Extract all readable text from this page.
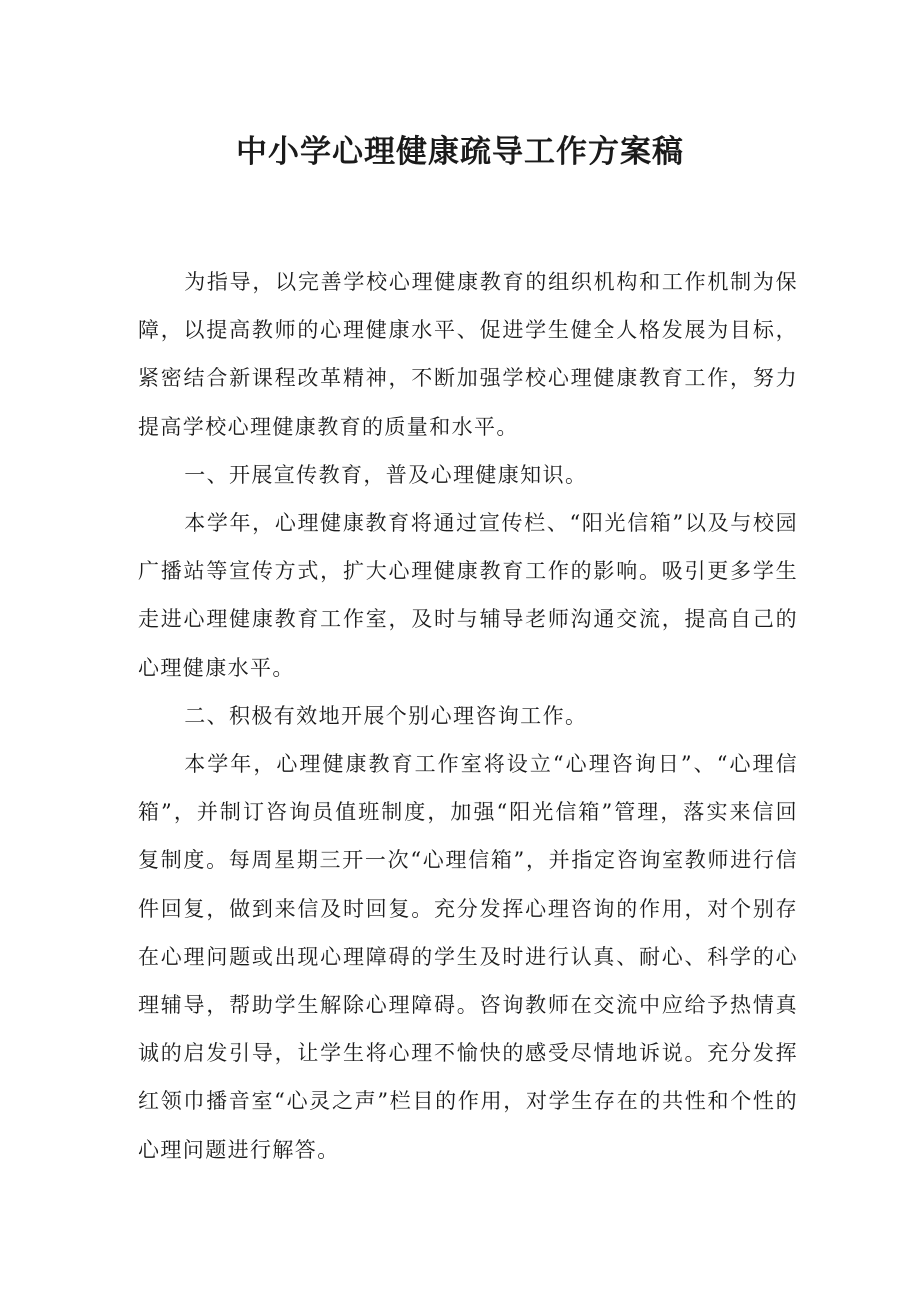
中小学心理健康疏导工作方案稿

为指导，以完善学校心理健康教育的组织机构和工作机制为保障，以提高教师的心理健康水平、促进学生健全人格发展为目标，紧密结合新课程改革精神，不断加强学校心理健康教育工作，努力提高学校心理健康教育的质量和水平。

一、开展宣传教育，普及心理健康知识。

本学年，心理健康教育将通过宣传栏、“阳光信箱”以及与校园广播站等宣传方式，扩大心理健康教育工作的影响。吸引更多学生走进心理健康教育工作室，及时与辅导老师沟通交流，提高自己的心理健康水平。

二、积极有效地开展个别心理咨询工作。

本学年，心理健康教育工作室将设立“心理咨询日”、“心理信箱”，并制订咨询员值班制度，加强“阳光信箱”管理，落实来信回复制度。每周星期三开一次“心理信箱”，并指定咨询室教师进行信件回复，做到来信及时回复。充分发挥心理咨询的作用，对个别存在心理问题或出现心理障碍的学生及时进行认真、耐心、科学的心理辅导，帮助学生解除心理障碍。咨询教师在交流中应给予热情真诚的启发引导，让学生将心理不愉快的感受尽情地诉说。充分发挥红领巾播音室“心灵之声”栏目的作用，对学生存在的共性和个性的心理问题进行解答。
